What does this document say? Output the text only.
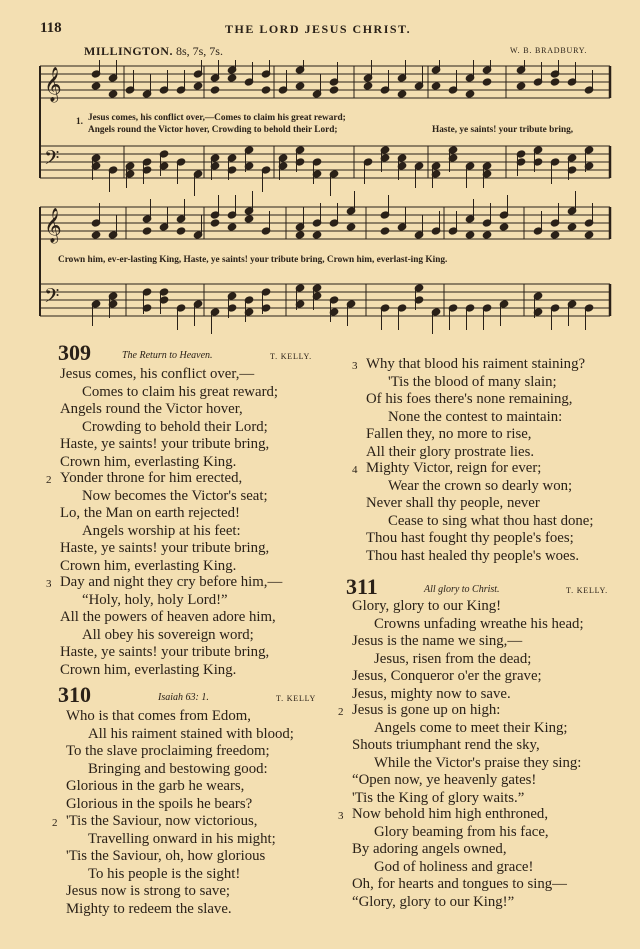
118	THE LORD JESUS CHRIST.
MILLINGTON. 8s, 7s, 7s.	W. B. BRADBURY.
𝄞
𝄢
𝄞
𝄢
1. Jesus comes, his conflict over,—Comes to claim his great reward;
Angels round the Victor hover, Crowding to behold their Lord;	Haste, ye saints! your tribute bring,
Crown him, ev-er-lasting King, Haste, ye saints! your tribute bring, Crown him, everlast-ing King.
309	The Return to Heaven.	T. KELLY.
Jesus comes, his conflict over,—
Comes to claim his great reward;
Angels round the Victor hover,
Crowding to behold their Lord;
Haste, ye saints! your tribute bring,
Crown him, everlasting King.
2 Yonder throne for him erected,
Now becomes the Victor's seat;
Lo, the Man on earth rejected!
Angels worship at his feet:
Haste, ye saints! your tribute bring,
Crown him, everlasting King.
3 Day and night they cry before him,—
“Holy, holy, holy Lord!”
All the powers of heaven adore him,
All obey his sovereign word;
Haste, ye saints! your tribute bring,
Crown him, everlasting King.
3 Why that blood his raiment staining?
'Tis the blood of many slain;
Of his foes there's none remaining,
None the contest to maintain:
Fallen they, no more to rise,
All their glory prostrate lies.
4 Mighty Victor, reign for ever;
Wear the crown so dearly won;
Never shall thy people, never
Cease to sing what thou hast done;
Thou hast fought thy people's foes;
Thou hast healed thy people's woes.
310	Isaiah 63: 1.	T. KELLY
Who is that comes from Edom,
All his raiment stained with blood;
To the slave proclaiming freedom;
Bringing and bestowing good:
Glorious in the garb he wears,
Glorious in the spoils he bears?
2 'Tis the Saviour, now victorious,
Travelling onward in his might;
'Tis the Saviour, oh, how glorious
To his people is the sight!
Jesus now is strong to save;
Mighty to redeem the slave.
311	All glory to Christ.	T. KELLY.
Glory, glory to our King!
Crowns unfading wreathe his head;
Jesus is the name we sing,—
Jesus, risen from the dead;
Jesus, Conqueror o'er the grave;
Jesus, mighty now to save.
2 Jesus is gone up on high:
Angels come to meet their King;
Shouts triumphant rend the sky,
While the Victor's praise they sing:
“Open now, ye heavenly gates!
'Tis the King of glory waits.”
3 Now behold him high enthroned,
Glory beaming from his face,
By adoring angels owned,
God of holiness and grace!
Oh, for hearts and tongues to sing—
“Glory, glory to our King!”
